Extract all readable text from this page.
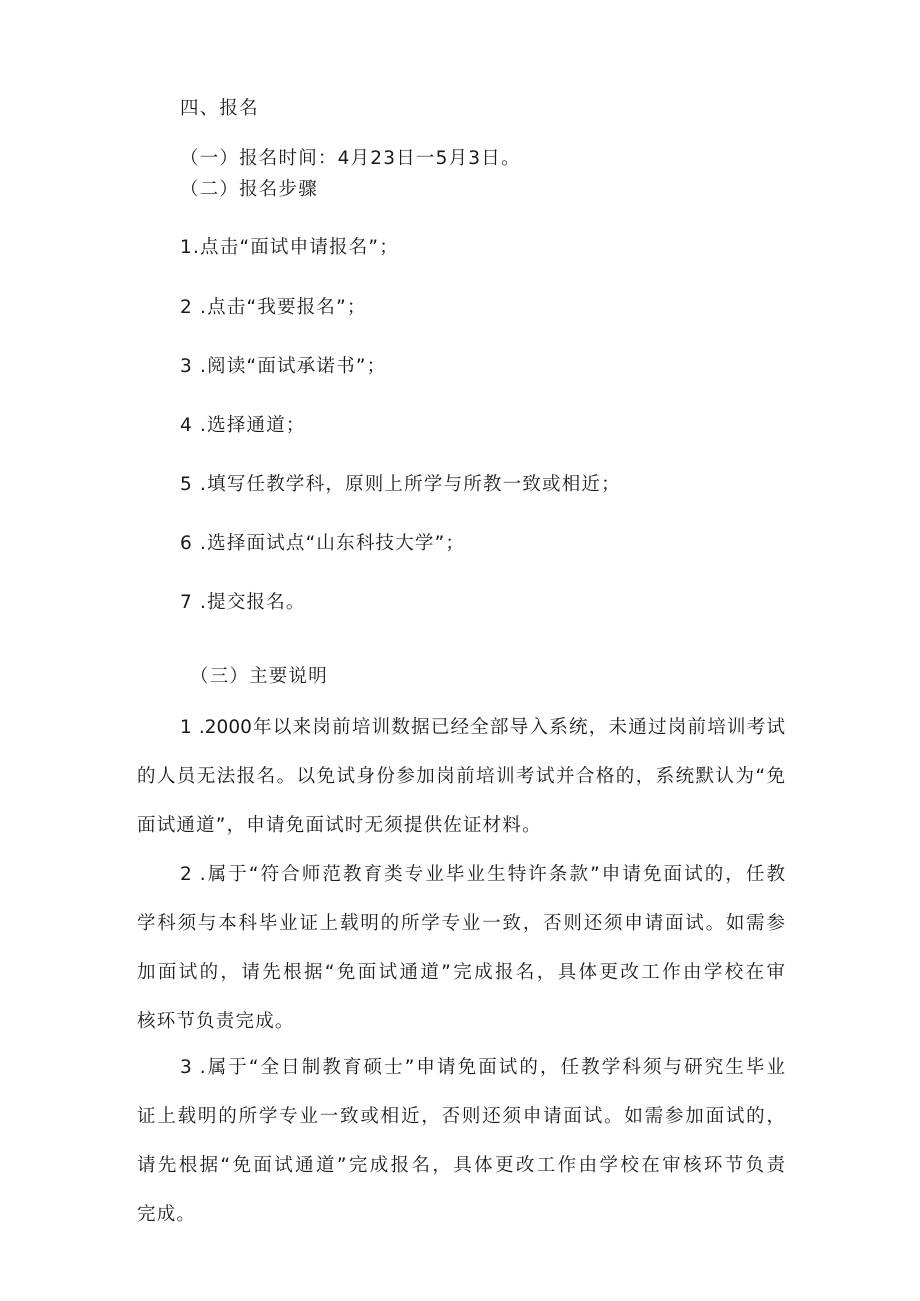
四、报名
（一）报名时间：4月23日一5月3日。
（二）报名步骤
1.点击“面试申请报名”；
2 .点击“我要报名”；
3 .阅读“面试承诺书”；
4 .选择通道；
5 .填写任教学科，原则上所学与所教一致或相近；
6 .选择面试点“山东科技大学”；
7 .提交报名。
（三）主要说明
1 .2000年以来岗前培训数据已经全部导入系统，未通过岗前培训考试
的人员无法报名。以免试身份参加岗前培训考试并合格的，系统默认为“免
面试通道”，申请免面试时无须提供佐证材料。
2 .属于“符合师范教育类专业毕业生特许条款”申请免面试的，任教
学科须与本科毕业证上载明的所学专业一致，否则还须申请面试。如需参
加面试的，请先根据“免面试通道”完成报名，具体更改工作由学校在审
核环节负责完成。
3 .属于“全日制教育硕士”申请免面试的，任教学科须与研究生毕业
证上载明的所学专业一致或相近，否则还须申请面试。如需参加面试的，
请先根据“免面试通道”完成报名，具体更改工作由学校在审核环节负责
完成。
